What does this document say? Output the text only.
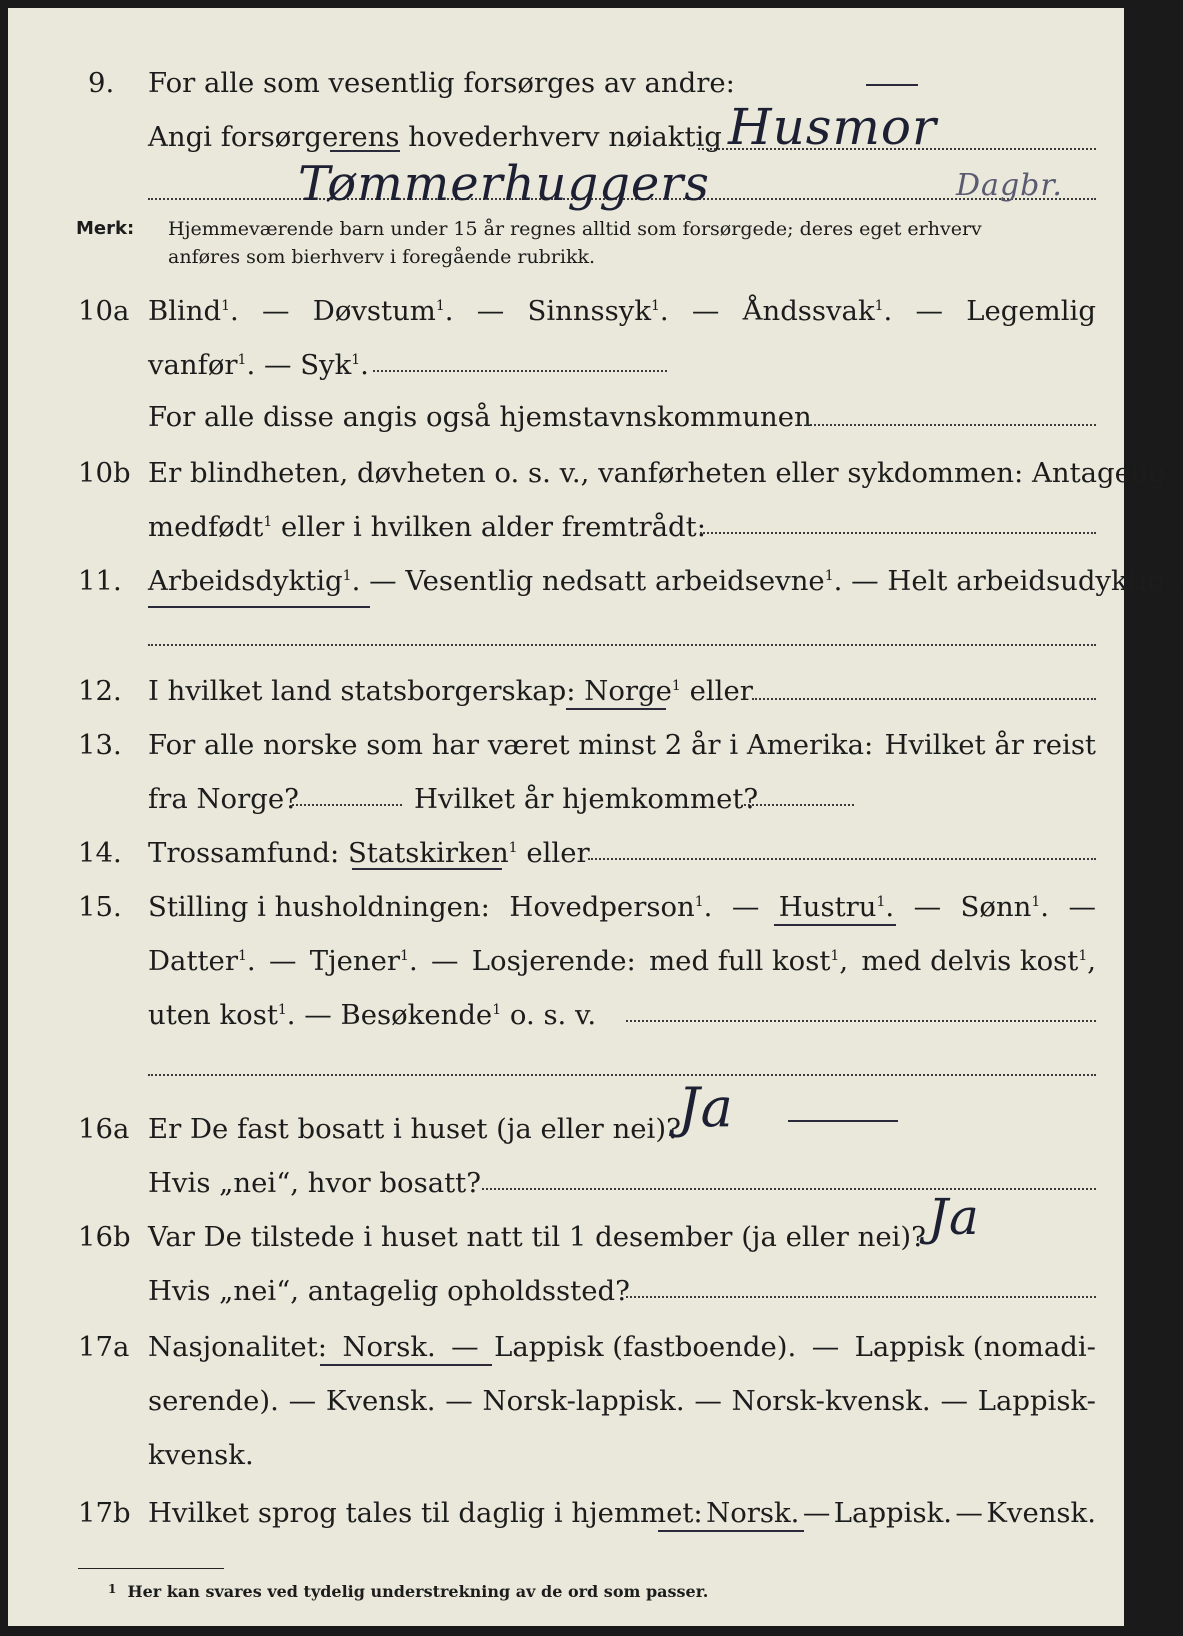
9. For alle som vesentlig forsørges av andre:
Angi forsørgerens hovederhverv nøiaktig Husmor
Tømmerhuggers	Dagbr.
Merk: Hjemmeværende barn under 15 år regnes alltid som forsørgede; deres eget erhverv
anføres som bierhverv i foregående rubrikk.
10a Blind$^1$. — Døvstum$^1$. — Sinnssyk$^1$. — Åndssvak$^1$. — Legemlig
vanfør$^1$. — Syk$^1$.
For alle disse angis også hjemstavnskommunen
10b Er blindheten, døvheten o. s. v., vanførheten eller sykdommen: Antagelig
medfødt$^1$ eller i hvilken alder fremtrådt:
11. Arbeidsdyktig$^1$. — Vesentlig nedsatt arbeidsevne$^1$. — Helt arbeidsudyktig$^1$.
12. I hvilket land statsborgerskap: Norge$^1$ eller
13. For alle norske som har været minst 2 år i Amerika: Hvilket år reist
fra Norge?	Hvilket år hjemkommet?
14. Trossamfund: Statskirken$^1$ eller
15. Stilling i husholdningen: Hovedperson$^1$. — Hustru$^1$. — Sønn$^1$. —
Datter$^1$. — Tjener$^1$. — Losjerende: med full kost$^1$, med delvis kost$^1$,
uten kost$^1$. — Besøkende$^1$ o. s. v.
16a Er De fast bosatt i huset (ja eller nei)?
Ja
Hvis „nei“, hvor bosatt?
16b Var De tilstede i huset natt til 1 desember (ja eller nei)? Ja
Hvis „nei“, antagelig opholdssted?
17a Nasjonalitet: Norsk. — Lappisk (fastboende). — Lappisk (nomadi-
serende). — Kvensk. — Norsk-lappisk. — Norsk-kvensk. — Lappisk-
kvensk.
17b Hvilket sprog tales til daglig i hjemmet: Norsk. — Lappisk. — Kvensk.
$^1$ Her kan svares ved tydelig understrekning av de ord som passer.
